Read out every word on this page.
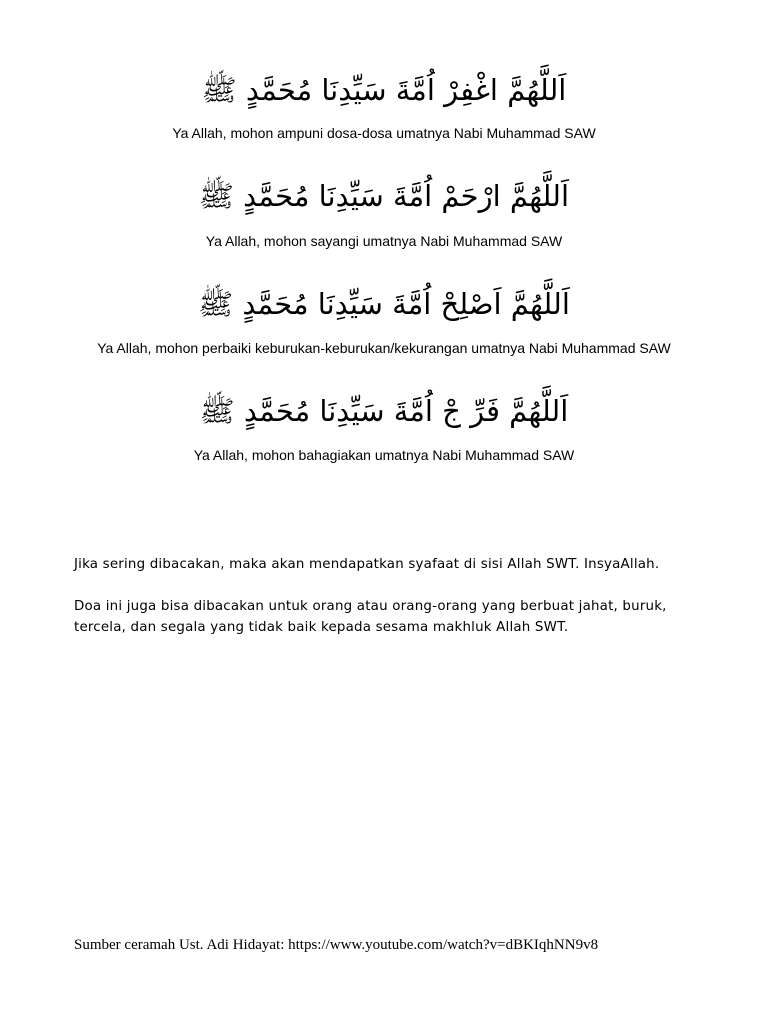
اَللَّهُمَّ اغْفِرْ اُمَّةَ سَيِّدِنَا مُحَمَّدٍ ﷺ
Ya Allah, mohon ampuni dosa-dosa umatnya Nabi Muhammad SAW
اَللَّهُمَّ ارْحَمْ اُمَّةَ سَيِّدِنَا مُحَمَّدٍ ﷺ
Ya Allah, mohon sayangi umatnya Nabi Muhammad SAW
اَللَّهُمَّ اَصْلِحْ اُمَّةَ سَيِّدِنَا مُحَمَّدٍ ﷺ
Ya Allah, mohon perbaiki keburukan-keburukan/kekurangan umatnya Nabi Muhammad SAW
اَللَّهُمَّ فَرِّ جْ اُمَّةَ سَيِّدِنَا مُحَمَّدٍ ﷺ
Ya Allah, mohon bahagiakan umatnya Nabi Muhammad SAW
Jika sering dibacakan, maka akan mendapatkan syafaat di sisi Allah SWT. InsyaAllah.
Doa ini juga bisa dibacakan untuk orang atau orang-orang yang berbuat jahat, buruk, tercela, dan segala yang tidak baik kepada sesama makhluk Allah SWT.
Sumber ceramah Ust. Adi Hidayat: https://www.youtube.com/watch?v=dBKIqhNN9v8
